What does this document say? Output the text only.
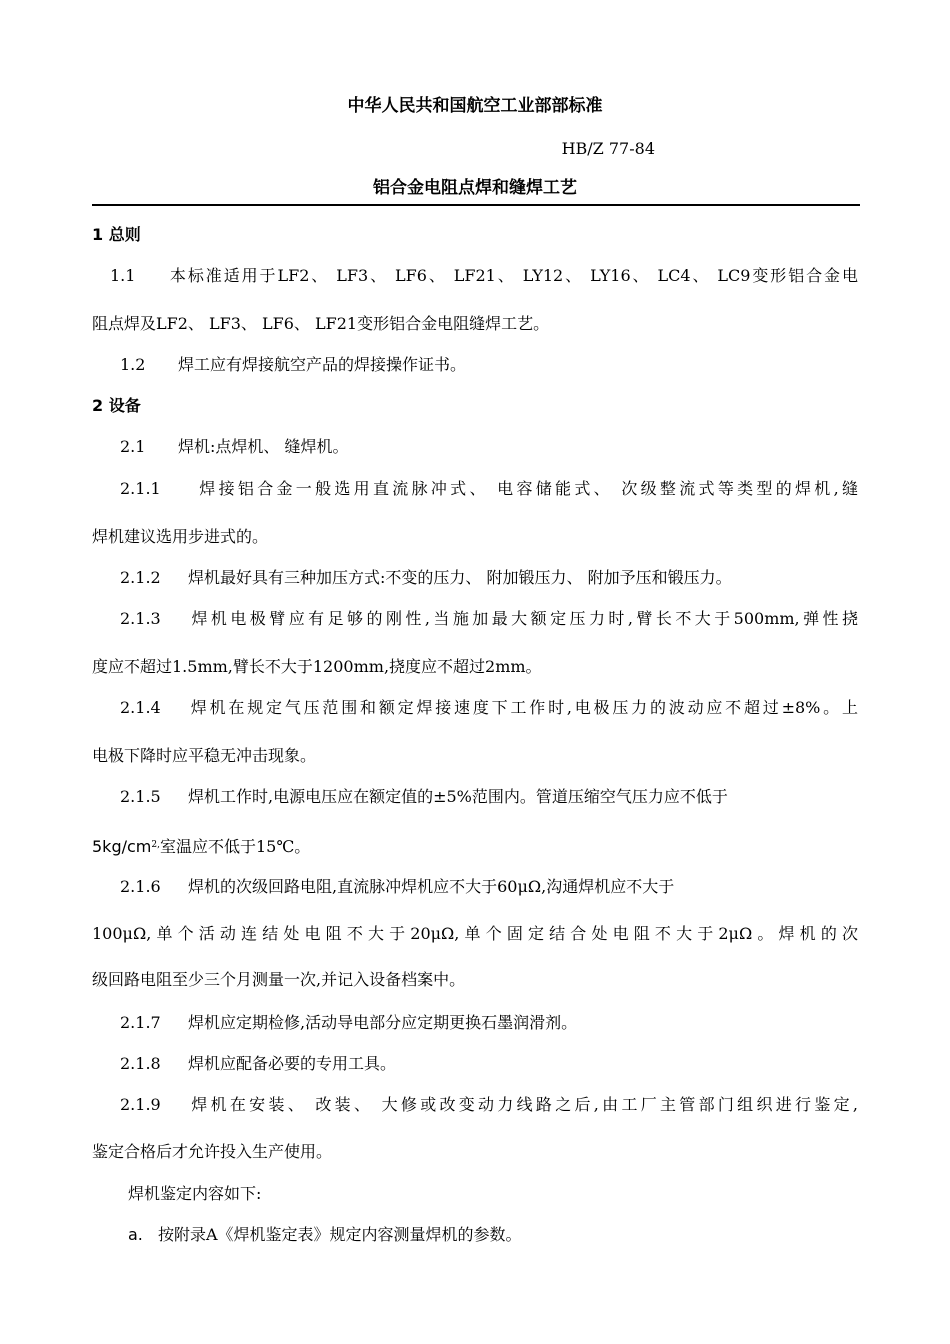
中华人民共和国航空工业部部标准
HB/Z 77-84
铝合金电阻点焊和缝焊工艺
1 总则
1.1 本标准适用于LF2、 LF3、 LF6、 LF21、 LY12、 LY16、 LC4、 LC9变形铝合金电
阻点焊及LF2、 LF3、 LF6、 LF21变形铝合金电阻缝焊工艺。
1.2 焊工应有焊接航空产品的焊接操作证书。
2 设备
2.1 焊机:点焊机、 缝焊机。
2.1.1 焊接铝合金一般选用直流脉冲式、 电容储能式、 次级整流式等类型的焊机,缝
焊机建议选用步进式的。
2.1.2 焊机最好具有三种加压方式:不变的压力、 附加锻压力、 附加予压和锻压力。
2.1.3 焊机电极臂应有足够的刚性,当施加最大额定压力时,臂长不大于500mm,弹性挠
度应不超过1.5mm,臂长不大于1200mm,挠度应不超过2mm。
2.1.4 焊机在规定气压范围和额定焊接速度下工作时,电极压力的波动应不超过±8%。上
电极下降时应平稳无冲击现象。
2.1.5 焊机工作时,电源电压应在额定值的±5%范围内。管道压缩空气压力应不低于
$5kg/cm^{2,}$室温应不低于15℃。
2.1.6 焊机的次级回路电阻,直流脉冲焊机应不大于60μΩ,沟通焊机应不大于
100μΩ,单个活动连结处电阻不大于20μΩ,单个固定结合处电阻不大于2μΩ。焊机的次
级回路电阻至少三个月测量一次,并记入设备档案中。
2.1.7 焊机应定期检修,活动导电部分应定期更换石墨润滑剂。
2.1.8 焊机应配备必要的专用工具。
2.1.9 焊机在安装、 改装、 大修或改变动力线路之后,由工厂主管部门组织进行鉴定,
鉴定合格后才允许投入生产使用。
焊机鉴定内容如下:
a. 按附录A《焊机鉴定表》规定内容测量焊机的参数。
